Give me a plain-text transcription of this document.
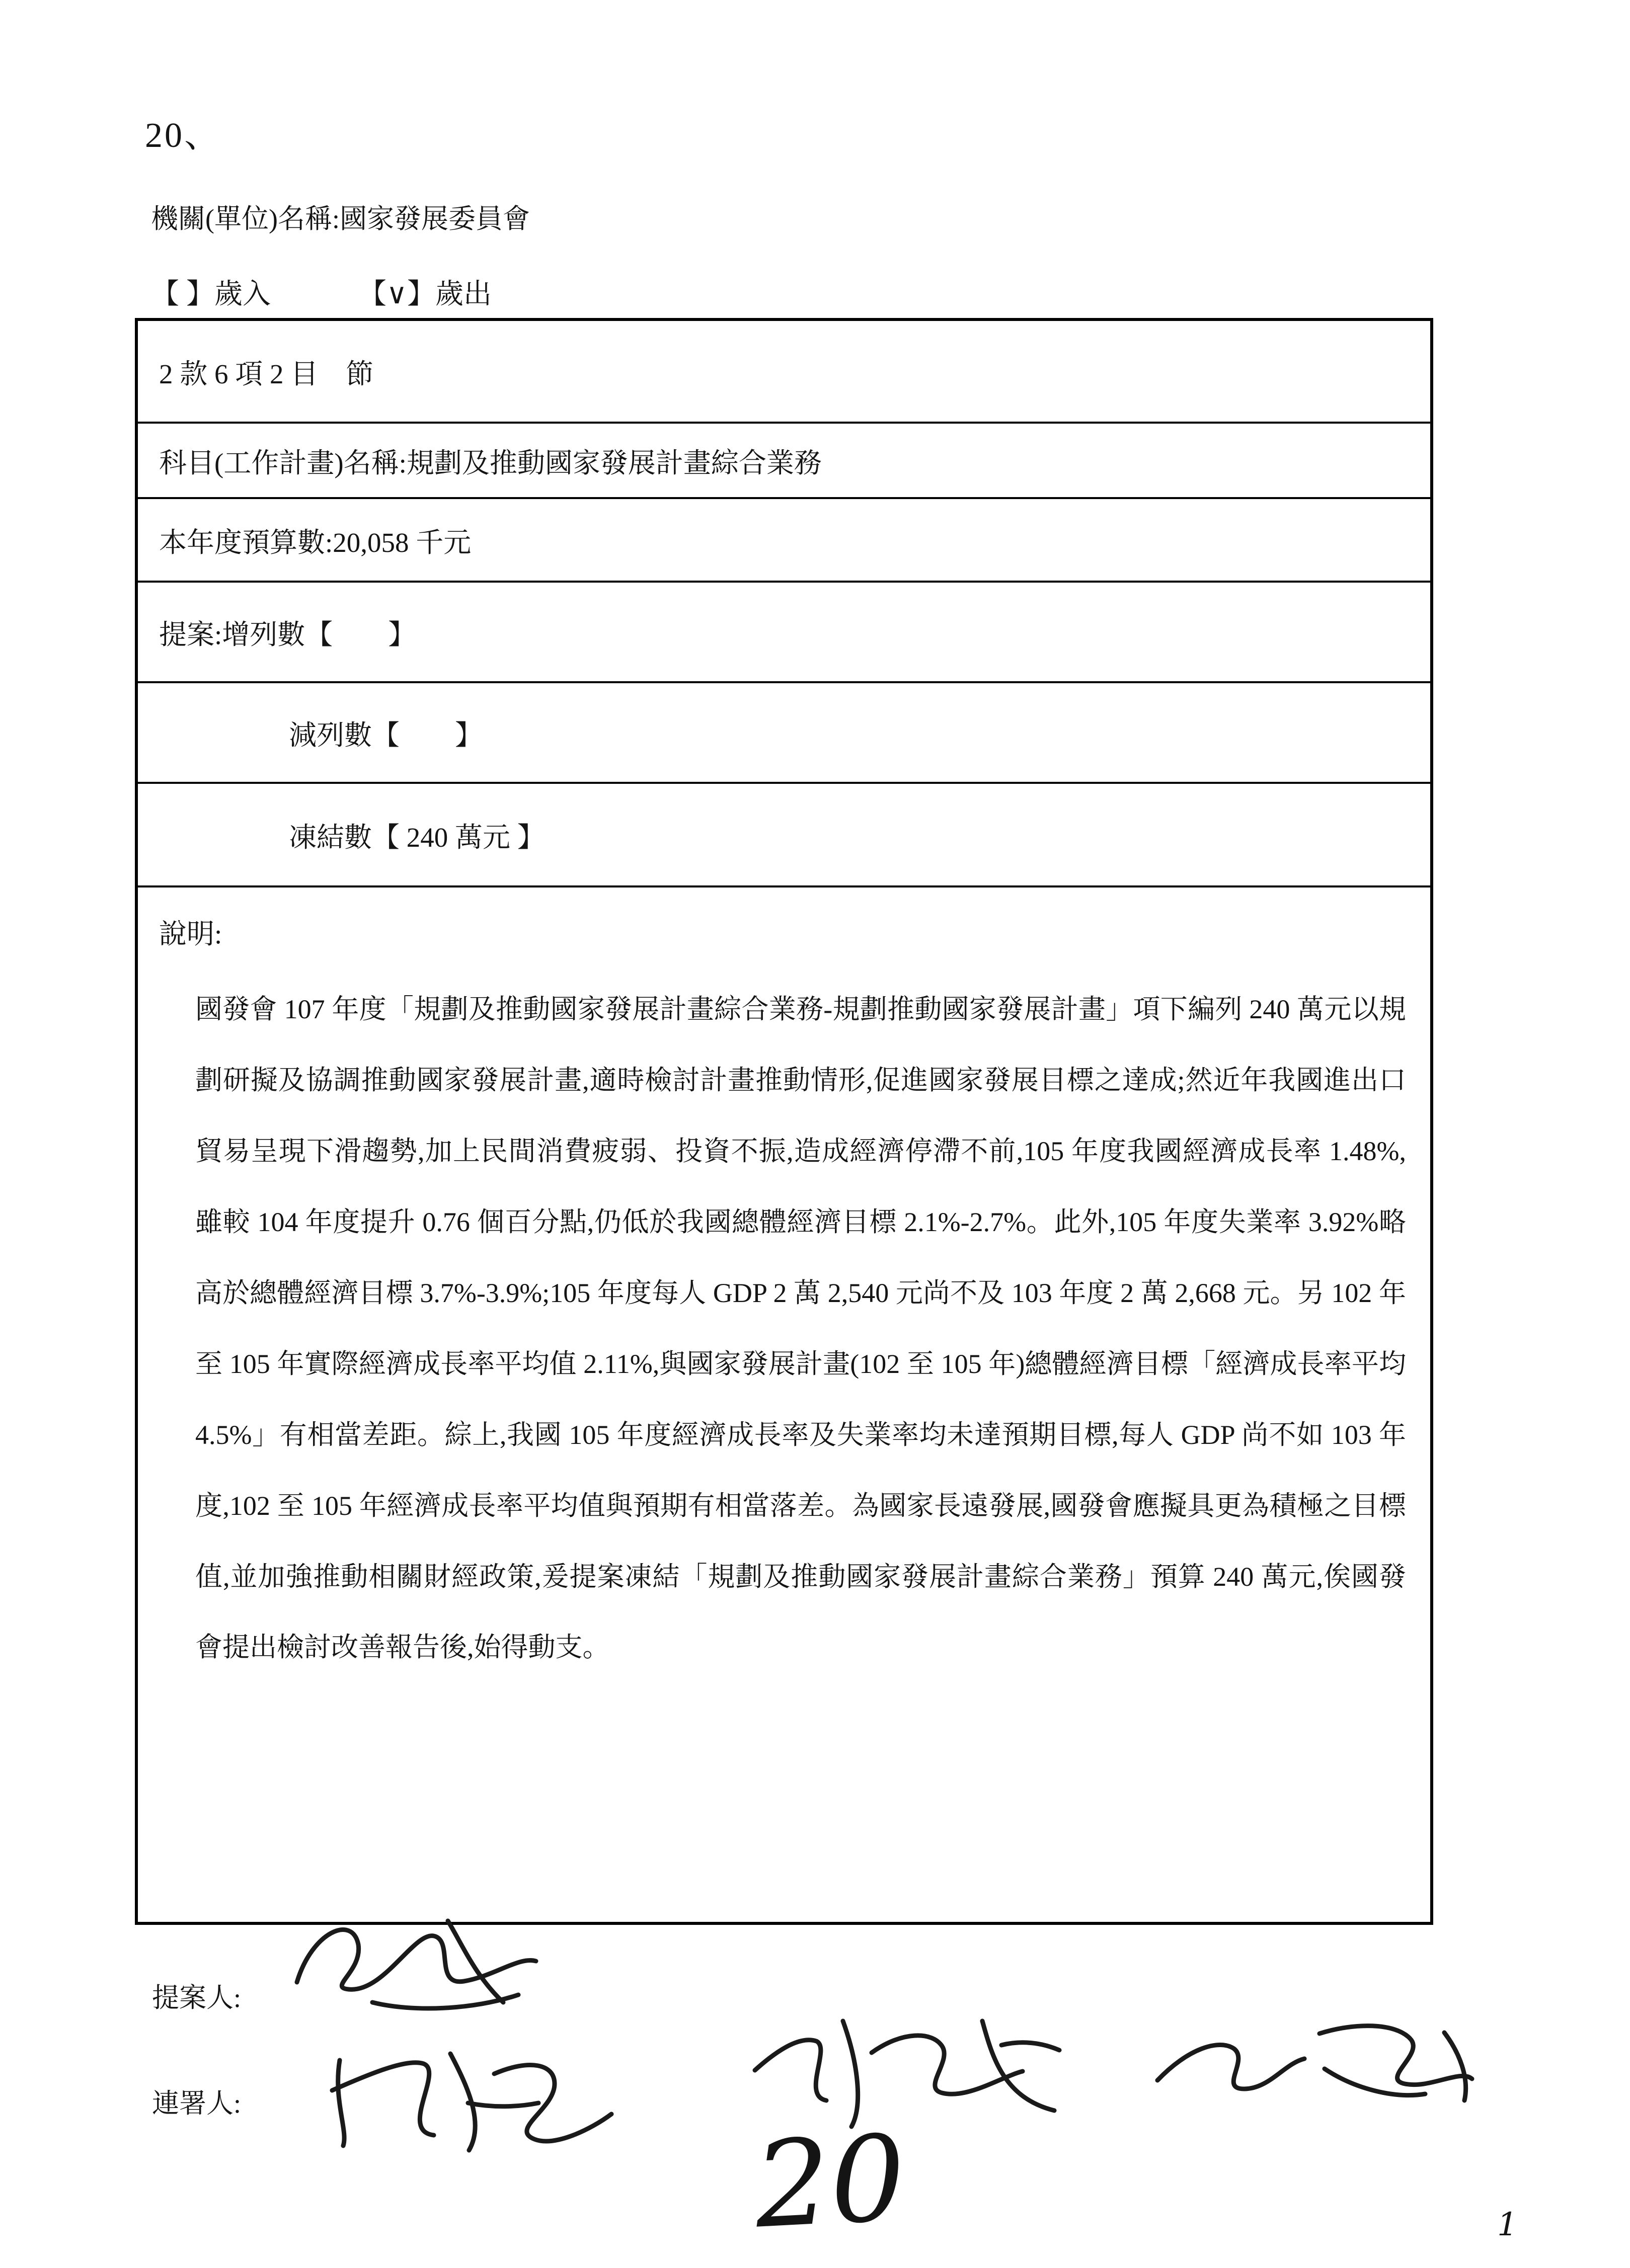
20、
機關(單位)名稱:國家發展委員會
【 】歲入	【∨】歲出
2 款 6 項 2 目　節
科目(工作計畫)名稱:規劃及推動國家發展計畫綜合業務
本年度預算數:20,058 千元
提案:增列數【　　】
減列數【　　】
凍結數【 240 萬元 】
說明:
國發會 107 年度「規劃及推動國家發展計畫綜合業務-規劃推動國家發展計畫」項下編列 240 萬元以規劃研擬及協調推動國家發展計畫,適時檢討計畫推動情形,促進國家發展目標之達成;然近年我國進出口貿易呈現下滑趨勢,加上民間消費疲弱、投資不振,造成經濟停滯不前,105 年度我國經濟成長率 1.48%,雖較 104 年度提升 0.76 個百分點,仍低於我國總體經濟目標 2.1%-2.7%。此外,105 年度失業率 3.92%略高於總體經濟目標 3.7%-3.9%;105 年度每人 GDP 2 萬 2,540 元尚不及 103 年度 2 萬 2,668 元。另 102 年至 105 年實際經濟成長率平均值 2.11%,與國家發展計畫(102 至 105 年)總體經濟目標「經濟成長率平均 4.5%」有相當差距。綜上,我國 105 年度經濟成長率及失業率均未達預期目標,每人 GDP 尚不如 103 年度,102 至 105 年經濟成長率平均值與預期有相當落差。為國家長遠發展,國發會應擬具更為積極之目標值,並加強推動相關財經政策,爰提案凍結「規劃及推動國家發展計畫綜合業務」預算 240 萬元,俟國發會提出檢討改善報告後,始得動支。
提案人:
連署人:
20	1
